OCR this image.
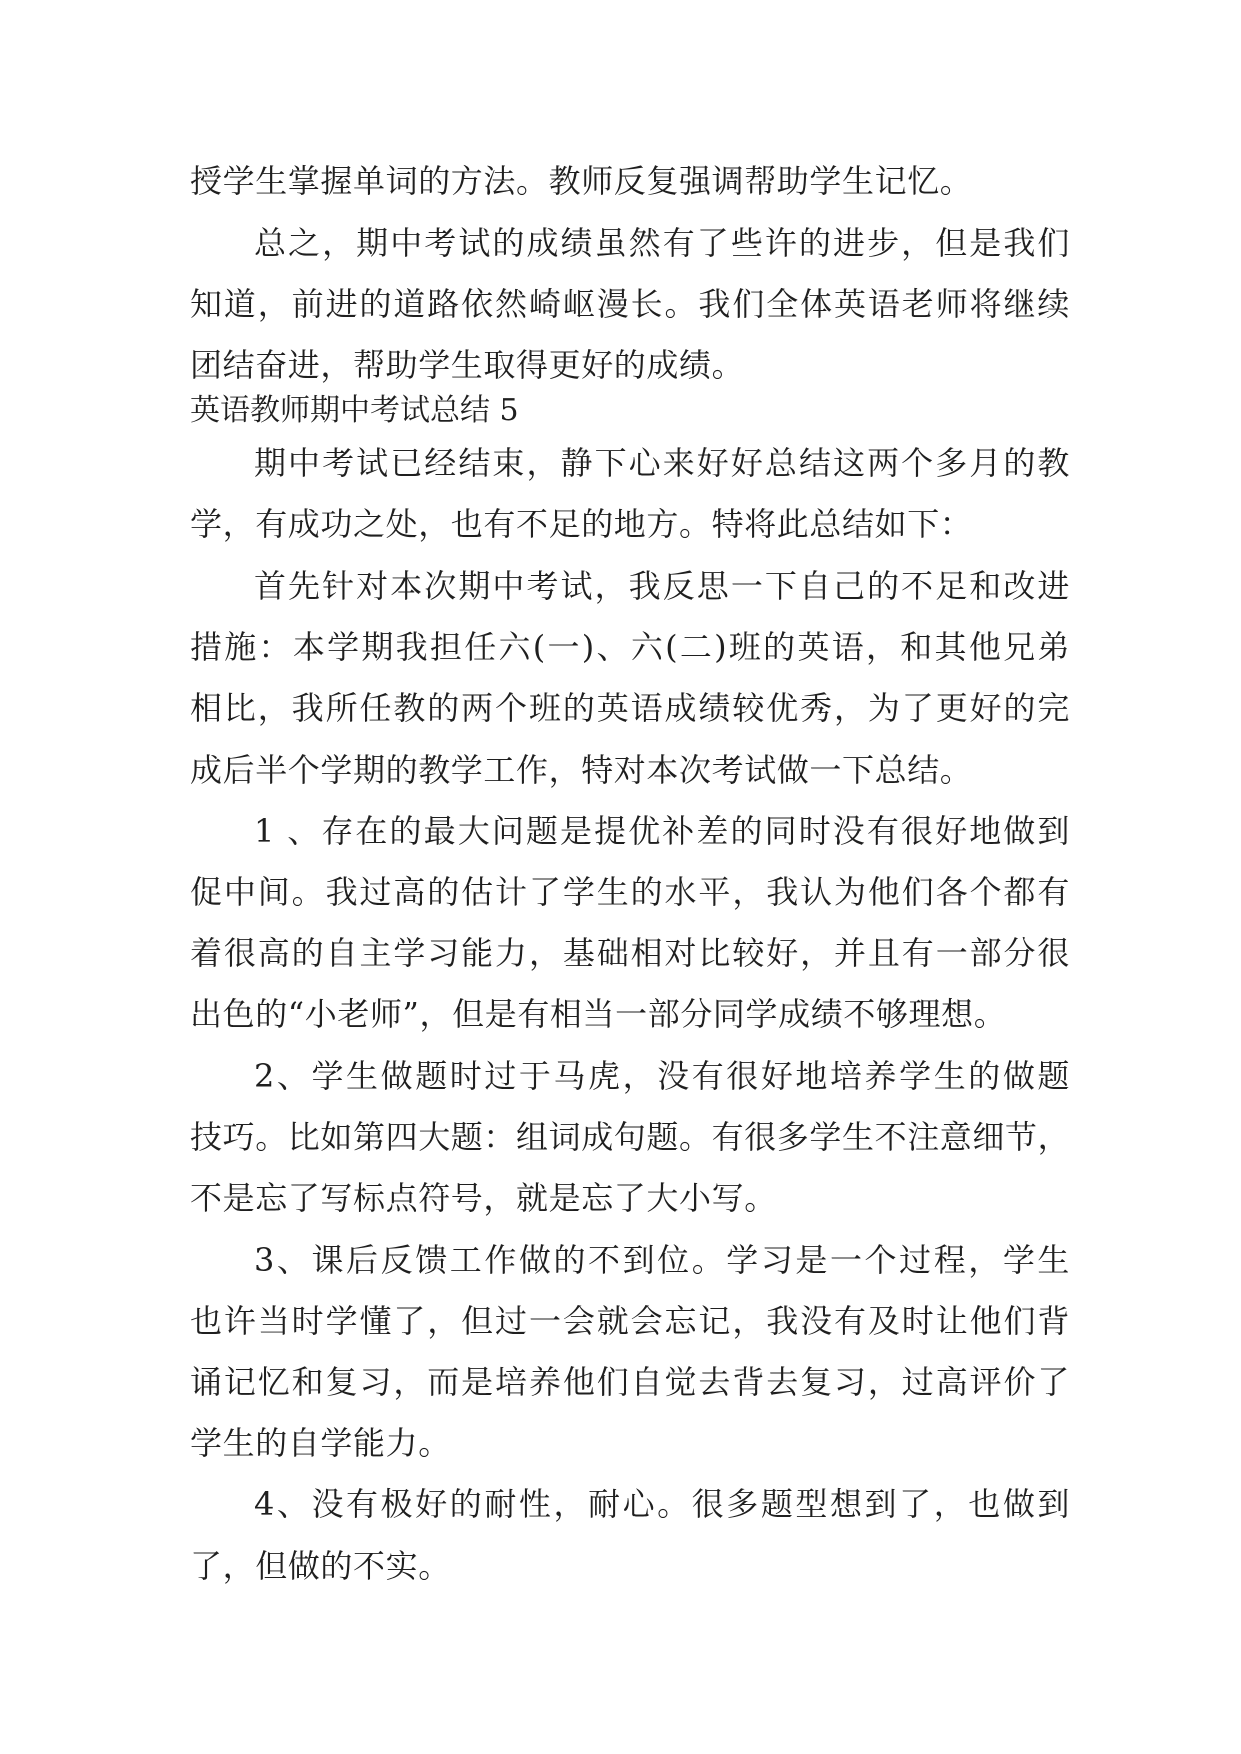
授学生掌握单词的方法。教师反复强调帮助学生记忆。
总之，期中考试的成绩虽然有了些许的进步，但是我们
知道，前进的道路依然崎岖漫长。我们全体英语老师将继续
团结奋进，帮助学生取得更好的成绩。
英语教师期中考试总结 5
期中考试已经结束，静下心来好好总结这两个多月的教
学，有成功之处，也有不足的地方。特将此总结如下：
首先针对本次期中考试，我反思一下自己的不足和改进
措施：本学期我担任六(一)、六(二)班的英语，和其他兄弟
相比，我所任教的两个班的英语成绩较优秀，为了更好的完
成后半个学期的教学工作，特对本次考试做一下总结。
1 、存在的最大问题是提优补差的同时没有很好地做到
促中间。我过高的估计了学生的水平，我认为他们各个都有
着很高的自主学习能力，基础相对比较好，并且有一部分很
出色的“小老师”，但是有相当一部分同学成绩不够理想。
2、学生做题时过于马虎，没有很好地培养学生的做题
技巧。比如第四大题：组词成句题。有很多学生不注意细节，
不是忘了写标点符号，就是忘了大小写。
3、课后反馈工作做的不到位。学习是一个过程，学生
也许当时学懂了，但过一会就会忘记，我没有及时让他们背
诵记忆和复习，而是培养他们自觉去背去复习，过高评价了
学生的自学能力。
4、没有极好的耐性，耐心。很多题型想到了，也做到
了，但做的不实。
